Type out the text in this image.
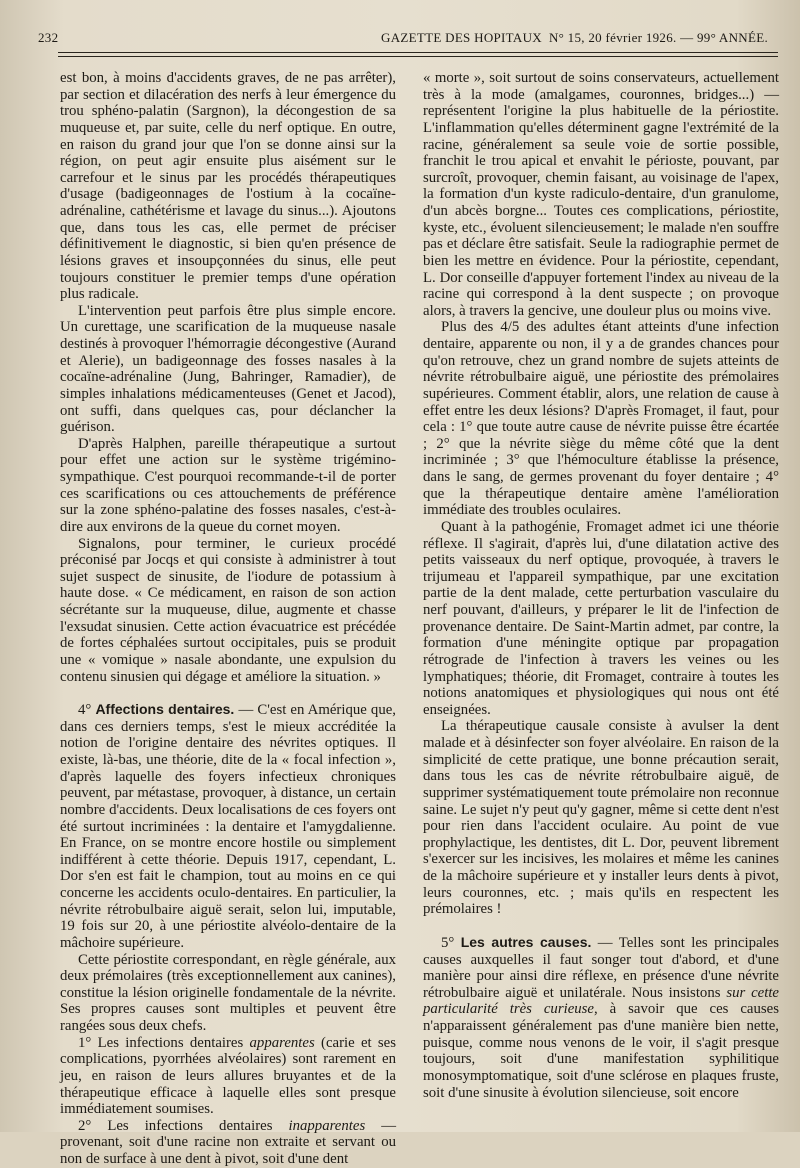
232	GAZETTE DES HOPITAUX N° 15, 20 février 1926. — 99° ANNÉE.

est bon, à moins d'accidents graves, de ne pas arrêter), par section et dilacération des nerfs à leur émergence du trou sphéno-palatin (Sargnon), la décongestion de sa muqueuse et, par suite, celle du nerf optique. En outre, en raison du grand jour que l'on se donne ainsi sur la région, on peut agir ensuite plus aisément sur le carrefour et le sinus par les procédés thérapeutiques d'usage (badigeonnages de l'ostium à la cocaïne-adrénaline, cathétérisme et lavage du sinus...). Ajoutons que, dans tous les cas, elle permet de préciser définitivement le diagnostic, si bien qu'en présence de lésions graves et insoupçonnées du sinus, elle peut toujours constituer le premier temps d'une opération plus radicale.

L'intervention peut parfois être plus simple encore. Un curettage, une scarification de la muqueuse nasale destinés à provoquer l'hémorragie décongestive (Aurand et Alerie), un badigeonnage des fosses nasales à la cocaïne-adrénaline (Jung, Bahringer, Ramadier), de simples inhalations médicamenteuses (Genet et Jacod), ont suffi, dans quelques cas, pour déclancher la guérison.

D'après Halphen, pareille thérapeutique a surtout pour effet une action sur le système trigémino-sympathique. C'est pourquoi recommande-t-il de porter ces scarifications ou ces attouchements de préférence sur la zone sphéno-palatine des fosses nasales, c'est-à-dire aux environs de la queue du cornet moyen.

Signalons, pour terminer, le curieux procédé préconisé par Jocqs et qui consiste à administrer à tout sujet suspect de sinusite, de l'iodure de potassium à haute dose. « Ce médicament, en raison de son action sécrétante sur la muqueuse, dilue, augmente et chasse l'exsudat sinusien. Cette action évacuatrice est précédée de fortes céphalées surtout occipitales, puis se produit une « vomique » nasale abondante, une expulsion du contenu sinusien qui dégage et améliore la situation. »

4° Affections dentaires. — C'est en Amérique que, dans ces derniers temps, s'est le mieux accréditée la notion de l'origine dentaire des névrites optiques. Il existe, là-bas, une théorie, dite de la « focal infection », d'après laquelle des foyers infectieux chroniques peuvent, par métastase, provoquer, à distance, un certain nombre d'accidents. Deux localisations de ces foyers ont été surtout incriminées : la dentaire et l'amygdalienne. En France, on se montre encore hostile ou simplement indifférent à cette théorie. Depuis 1917, cependant, L. Dor s'en est fait le champion, tout au moins en ce qui concerne les accidents oculo-dentaires. En particulier, la névrite rétrobulbaire aiguë serait, selon lui, imputable, 19 fois sur 20, à une périostite alvéolo-dentaire de la mâchoire supérieure.

Cette périostite correspondant, en règle générale, aux deux prémolaires (très exceptionnellement aux canines), constitue la lésion originelle fondamentale de la névrite. Ses propres causes sont multiples et peuvent être rangées sous deux chefs.

1° Les infections dentaires apparentes (carie et ses complications, pyorrhées alvéolaires) sont rarement en jeu, en raison de leurs allures bruyantes et de la thérapeutique efficace à laquelle elles sont presque immédiatement soumises.

2° Les infections dentaires inapparentes — provenant, soit d'une racine non extraite et servant ou non de surface à une dent à pivot, soit d'une dent

« morte », soit surtout de soins conservateurs, actuellement très à la mode (amalgames, couronnes, bridges...) — représentent l'origine la plus habituelle de la périostite. L'inflammation qu'elles déterminent gagne l'extrémité de la racine, généralement sa seule voie de sortie possible, franchit le trou apical et envahit le périoste, pouvant, par surcroît, provoquer, chemin faisant, au voisinage de l'apex, la formation d'un kyste radiculo-dentaire, d'un granulome, d'un abcès borgne... Toutes ces complications, périostite, kyste, etc., évoluent silencieusement; le malade n'en souffre pas et déclare être satisfait. Seule la radiographie permet de bien les mettre en évidence. Pour la périostite, cependant, L. Dor conseille d'appuyer fortement l'index au niveau de la racine qui correspond à la dent suspecte ; on provoque alors, à travers la gencive, une douleur plus ou moins vive.

Plus des 4/5 des adultes étant atteints d'une infection dentaire, apparente ou non, il y a de grandes chances pour qu'on retrouve, chez un grand nombre de sujets atteints de névrite rétrobulbaire aiguë, une périostite des prémolaires supérieures. Comment établir, alors, une relation de cause à effet entre les deux lésions? D'après Fromaget, il faut, pour cela : 1° que toute autre cause de névrite puisse être écartée ; 2° que la névrite siège du même côté que la dent incriminée ; 3° que l'hémoculture établisse la présence, dans le sang, de germes provenant du foyer dentaire ; 4° que la thérapeutique dentaire amène l'amélioration immédiate des troubles oculaires.

Quant à la pathogénie, Fromaget admet ici une théorie réflexe. Il s'agirait, d'après lui, d'une dilatation active des petits vaisseaux du nerf optique, provoquée, à travers le trijumeau et l'appareil sympathique, par une excitation partie de la dent malade, cette perturbation vasculaire du nerf pouvant, d'ailleurs, y préparer le lit de l'infection de provenance dentaire. De Saint-Martin admet, par contre, la formation d'une méningite optique par propagation rétrograde de l'infection à travers les veines ou les lymphatiques; théorie, dit Fromaget, contraire à toutes les notions anatomiques et physiologiques qui nous ont été enseignées.

La thérapeutique causale consiste à avulser la dent malade et à désinfecter son foyer alvéolaire. En raison de la simplicité de cette pratique, une bonne précaution serait, dans tous les cas de névrite rétrobulbaire aiguë, de supprimer systématiquement toute prémolaire non reconnue saine. Le sujet n'y peut qu'y gagner, même si cette dent n'est pour rien dans l'accident oculaire. Au point de vue prophylactique, les dentistes, dit L. Dor, peuvent librement s'exercer sur les incisives, les molaires et même les canines de la mâchoire supérieure et y installer leurs dents à pivot, leurs couronnes, etc. ; mais qu'ils en respectent les prémolaires !

5° Les autres causes. — Telles sont les principales causes auxquelles il faut songer tout d'abord, et d'une manière pour ainsi dire réflexe, en présence d'une névrite rétrobulbaire aiguë et unilatérale. Nous insistons sur cette particularité très curieuse, à savoir que ces causes n'apparaissent généralement pas d'une manière bien nette, puisque, comme nous venons de le voir, il s'agit presque toujours, soit d'une manifestation syphilitique monosymptomatique, soit d'une sclérose en plaques fruste, soit d'une sinusite à évolution silencieuse, soit encore
